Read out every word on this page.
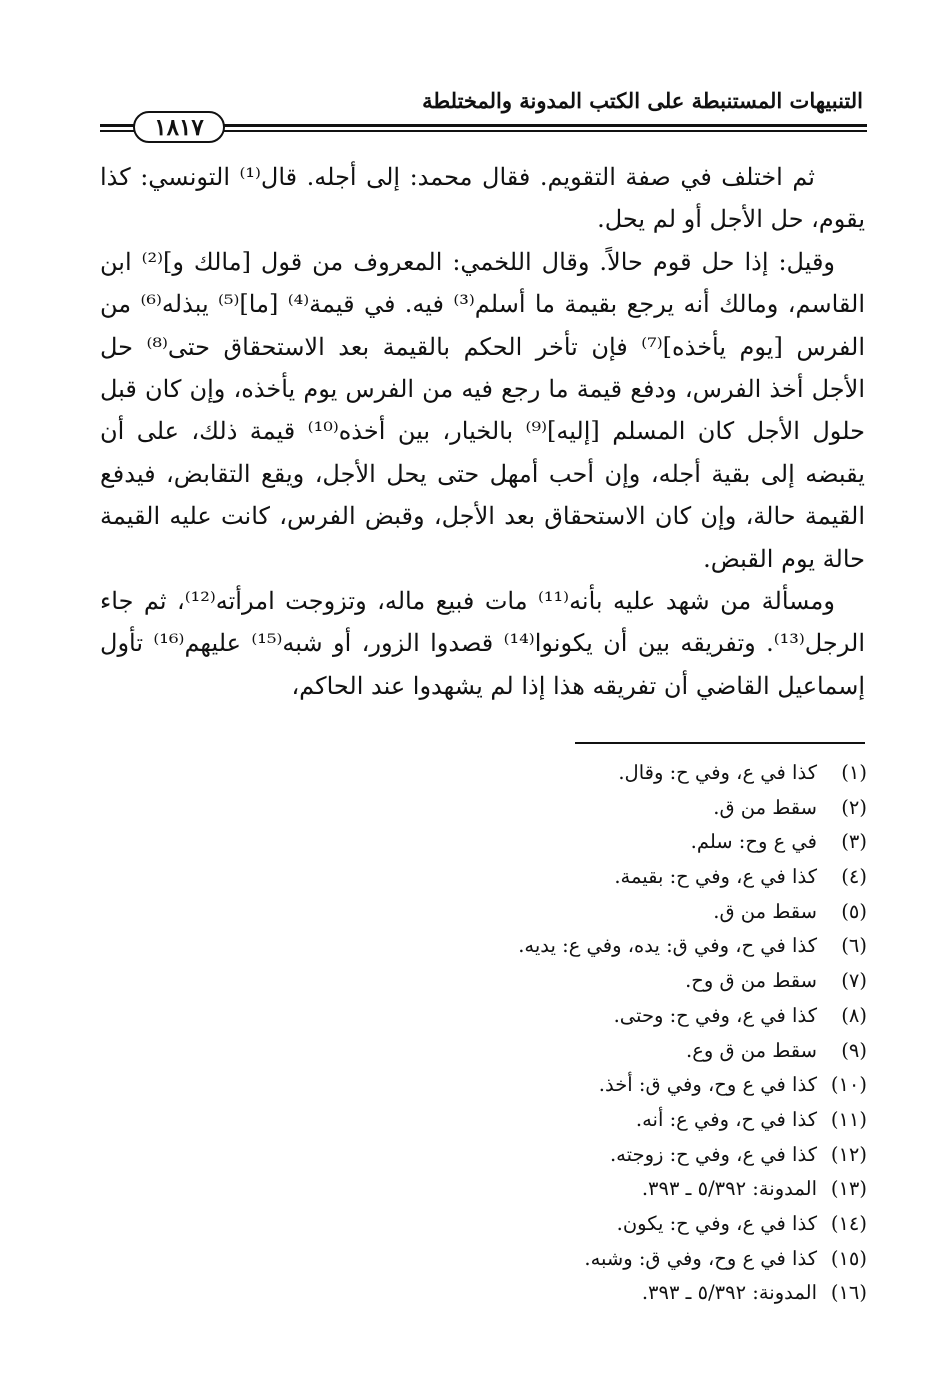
التنبيهات المستنبطة على الكتب المدونة والمختلطة
١٨١٧

ثم اختلف في صفة التقويم. فقال محمد: إلى أجله. قال⁽¹⁾ التونسي: كذا يقوم، حل الأجل أو لم يحل.

وقيل: إذا حل قوم حالاً. وقال اللخمي: المعروف من قول [مالك و]⁽²⁾ ابن القاسم، ومالك أنه يرجع بقيمة ما أسلم⁽³⁾ فيه. في قيمة⁽⁴⁾ [ما]⁽⁵⁾ يبذله⁽⁶⁾ من الفرس [يوم يأخذه]⁽⁷⁾ فإن تأخر الحكم بالقيمة بعد الاستحقاق حتى⁽⁸⁾ حل الأجل أخذ الفرس، ودفع قيمة ما رجع فيه من الفرس يوم يأخذه، وإن كان قبل حلول الأجل كان المسلم [إليه]⁽⁹⁾ بالخيار، بين أخذه⁽¹⁰⁾ قيمة ذلك، على أن يقبضه إلى بقية أجله، وإن أحب أمهل حتى يحل الأجل، ويقع التقابض، فيدفع القيمة حالة، وإن كان الاستحقاق بعد الأجل، وقبض الفرس، كانت عليه القيمة حالة يوم القبض.

ومسألة من شهد عليه بأنه⁽¹¹⁾ مات فبيع ماله، وتزوجت امرأته⁽¹²⁾، ثم جاء الرجل⁽¹³⁾. وتفريقه بين أن يكونوا⁽¹⁴⁾ قصدوا الزور، أو شبه⁽¹⁵⁾ عليهم⁽¹⁶⁾ تأول إسماعيل القاضي أن تفريقه هذا إذا لم يشهدوا عند الحاكم،

(١)كذا في ع، وفي ح: وقال.
(٢)سقط من ق.
(٣)في ع وح: سلم.
(٤)كذا في ع، وفي ح: بقيمة.
(٥)سقط من ق.
(٦)كذا في ح، وفي ق: يده، وفي ع: يديه.
(٧)سقط من ق وح.
(٨)كذا في ع، وفي ح: وحتى.
(٩)سقط من ق وع.
(١٠)كذا في ع وح، وفي ق: أخذ.
(١١)كذا في ح، وفي ع: أنه.
(١٢)كذا في ع، وفي ح: زوجته.
(١٣)المدونة: ٥/٣٩٢ ـ ٣٩٣.
(١٤)كذا في ع، وفي ح: يكون.
(١٥)كذا في ع وح، وفي ق: وشبه.
(١٦)المدونة: ٥/٣٩٢ ـ ٣٩٣.
